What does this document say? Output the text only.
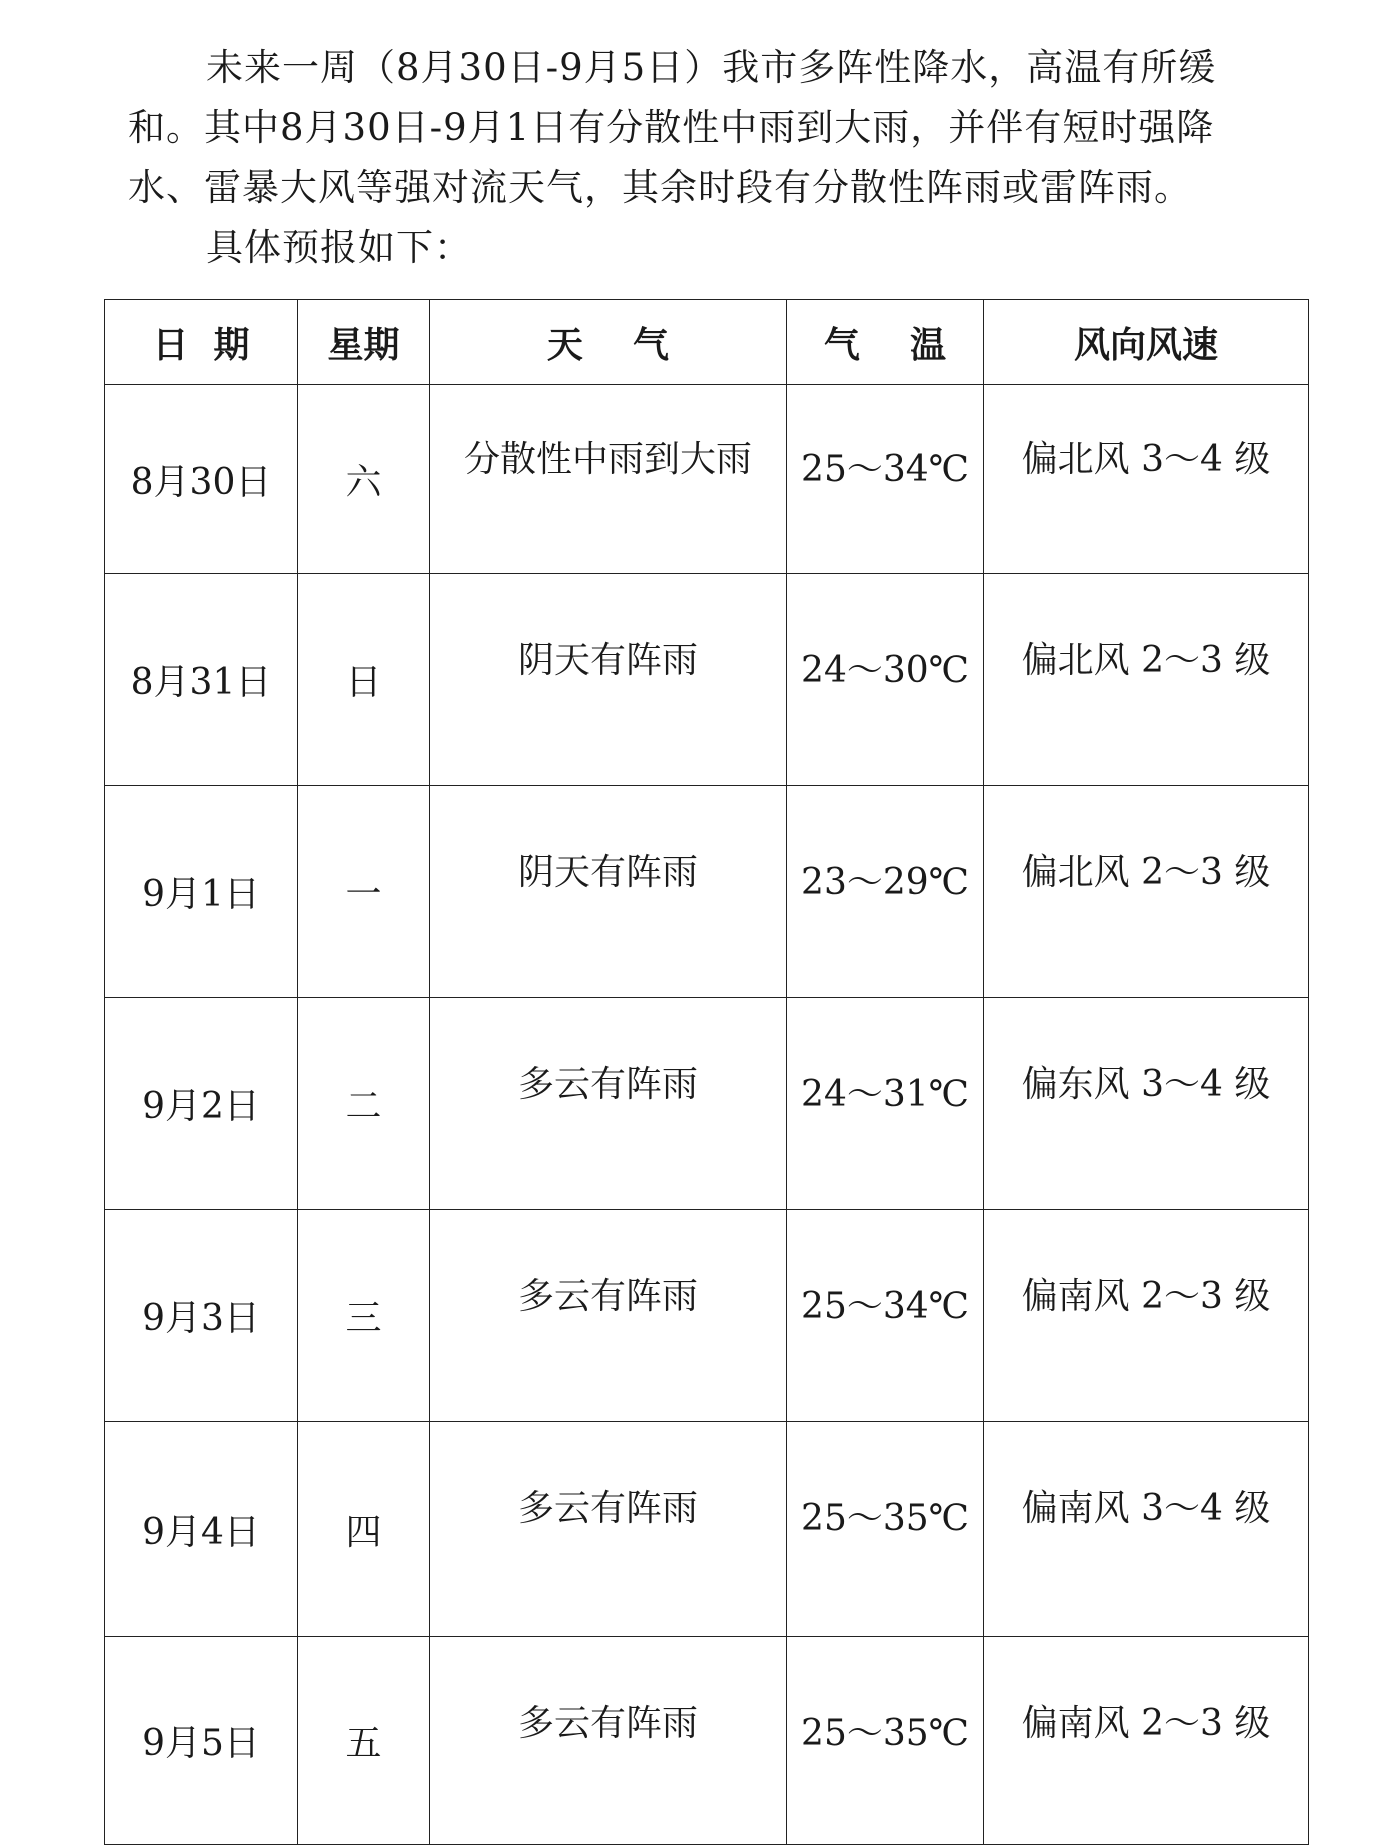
未来一周（8月30日-9月5日）我市多阵性降水，高温有所缓和。其中8月30日-9月1日有分散性中雨到大雨，并伴有短时强降水、雷暴大风等强对流天气，其余时段有分散性阵雨或雷阵雨。

具体预报如下：

日  期	星期	天    气	气    温	风向风速
8月30日	六	分散性中雨到大雨	25～34℃	偏北风 3～4 级
8月31日	日	阴天有阵雨	24～30℃	偏北风 2～3 级
9月1日	一	阴天有阵雨	23～29℃	偏北风 2～3 级
9月2日	二	多云有阵雨	24～31℃	偏东风 3～4 级
9月3日	三	多云有阵雨	25～34℃	偏南风 2～3 级
9月4日	四	多云有阵雨	25～35℃	偏南风 3～4 级
9月5日	五	多云有阵雨	25～35℃	偏南风 2～3 级
